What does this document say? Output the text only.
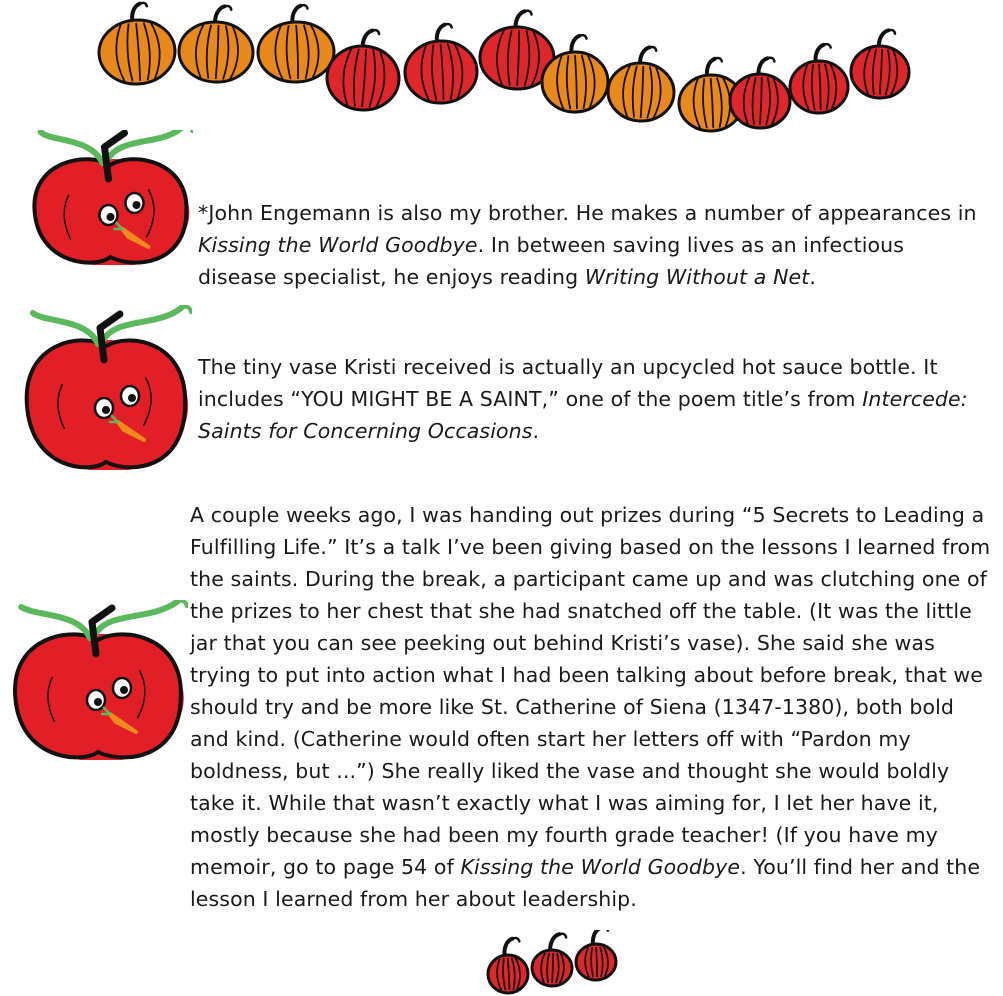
*John Engemann is also my brother. He makes a number of appearances in Kissing the World Goodbye. In between saving lives as an infectious disease specialist, he enjoys reading Writing Without a Net.

The tiny vase Kristi received is actually an upcycled hot sauce bottle. It includes “YOU MIGHT BE A SAINT,” one of the poem title’s from Intercede: Saints for Concerning Occasions.

A couple weeks ago, I was handing out prizes during “5 Secrets to Leading a Fulfilling Life.” It’s a talk I’ve been giving based on the lessons I learned from the saints. During the break, a participant came up and was clutching one of the prizes to her chest that she had snatched off the table. (It was the little jar that you can see peeking out behind Kristi’s vase). She said she was trying to put into action what I had been talking about before break, that we should try and be more like St. Catherine of Siena (1347-1380), both bold and kind. (Catherine would often start her letters off with “Pardon my boldness, but ...”) She really liked the vase and thought she would boldly take it. While that wasn’t exactly what I was aiming for, I let her have it, mostly because she had been my fourth grade teacher! (If you have my memoir, go to page 54 of Kissing the World Goodbye. You’ll find her and the lesson I learned from her about leadership.
